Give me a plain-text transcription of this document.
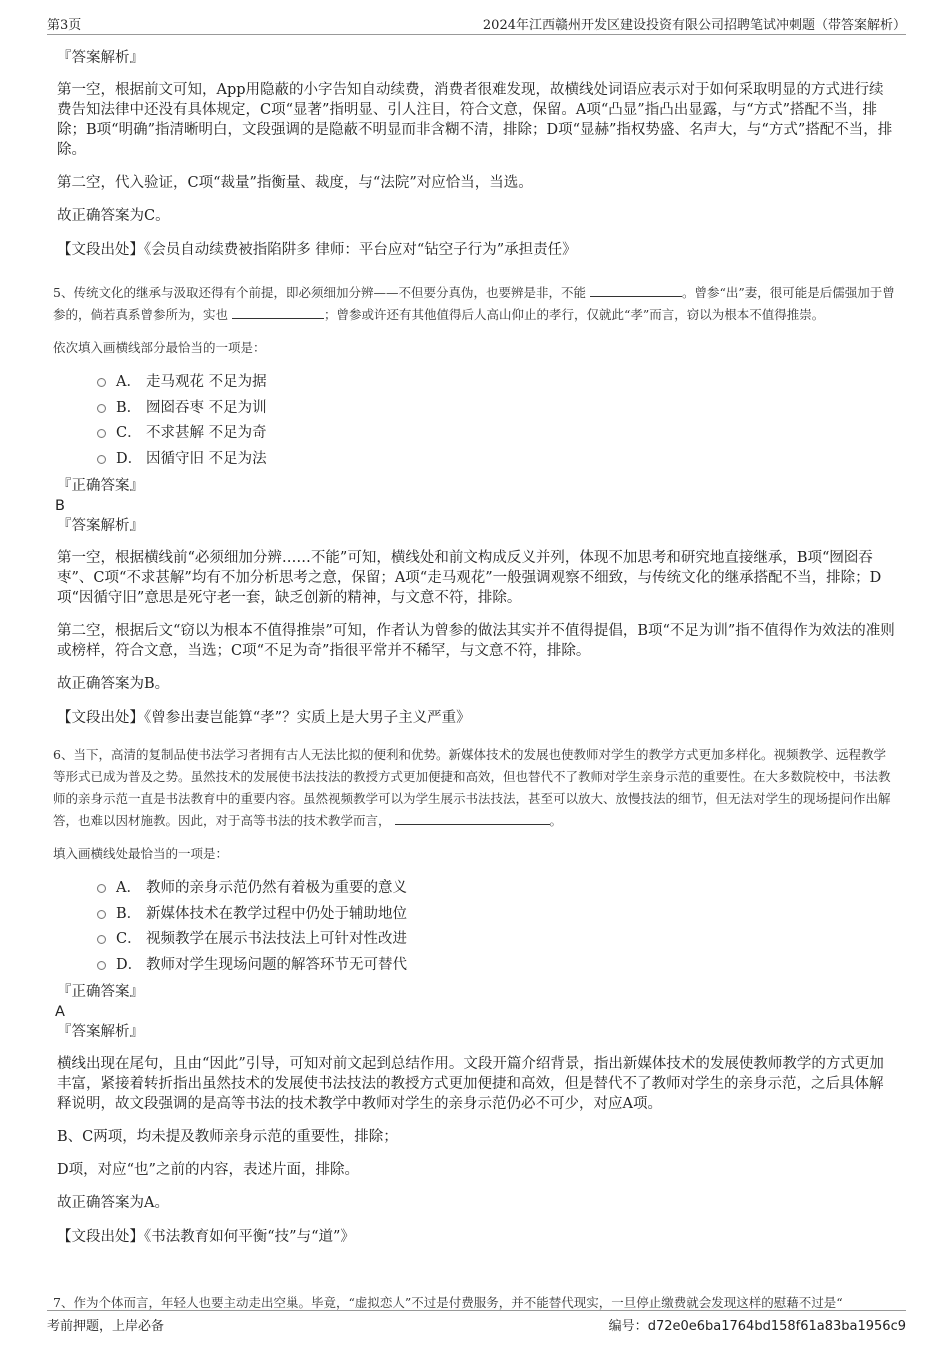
第3页	2024年江西赣州开发区建设投资有限公司招聘笔试冲刺题（带答案解析）

『答案解析』

第一空，根据前文可知，App用隐蔽的小字告知自动续费，消费者很难发现，故横线处词语应表示对于如何采取明显的方式进行续费告知法律中还没有具体规定，C项“显著”指明显、引人注目，符合文意，保留。A项“凸显”指凸出显露，与“方式”搭配不当，排除；B项“明确”指清晰明白，文段强调的是隐蔽不明显而非含糊不清，排除；D项“显赫”指权势盛、名声大，与“方式”搭配不当，排除。

第二空，代入验证，C项“裁量”指衡量、裁度，与“法院”对应恰当，当选。

故正确答案为C。

【文段出处】《会员自动续费被指陷阱多 律师：平台应对“钻空子行为”承担责任》

5、传统文化的继承与汲取还得有个前提，即必须细加分辨——不但要分真伪，也要辨是非，不能	。曾参“出”妻，很可能是后儒强加于曾参的，倘若真系曾参所为，实也	；曾参或许还有其他值得后人高山仰止的孝行，仅就此“孝”而言，窃以为根本不值得推崇。

依次填入画横线部分最恰当的一项是：

A． 走马观花 不足为据
B． 囫囵吞枣 不足为训
C． 不求甚解 不足为奇
D． 因循守旧 不足为法

『正确答案』

B

『答案解析』

第一空，根据横线前“必须细加分辨……不能”可知，横线处和前文构成反义并列，体现不加思考和研究地直接继承，B项“囫囵吞枣”、C项“不求甚解”均有不加分析思考之意，保留；A项“走马观花”一般强调观察不细致，与传统文化的继承搭配不当，排除；D项“因循守旧”意思是死守老一套，缺乏创新的精神，与文意不符，排除。

第二空，根据后文“窃以为根本不值得推崇”可知，作者认为曾参的做法其实并不值得提倡，B项“不足为训”指不值得作为效法的准则或榜样，符合文意，当选；C项“不足为奇”指很平常并不稀罕，与文意不符，排除。

故正确答案为B。

【文段出处】《曾参出妻岂能算“孝”？实质上是大男子主义严重》

6、当下，高清的复制品使书法学习者拥有古人无法比拟的便利和优势。新媒体技术的发展也使教师对学生的教学方式更加多样化。视频教学、远程教学等形式已成为普及之势。虽然技术的发展使书法技法的教授方式更加便捷和高效，但也替代不了教师对学生亲身示范的重要性。在大多数院校中，书法教师的亲身示范一直是书法教育中的重要内容。虽然视频教学可以为学生展示书法技法，甚至可以放大、放慢技法的细节，但无法对学生的现场提问作出解答，也难以因材施教。因此，对于高等书法的技术教学而言，	。

填入画横线处最恰当的一项是：

A． 教师的亲身示范仍然有着极为重要的意义
B． 新媒体技术在教学过程中仍处于辅助地位
C． 视频教学在展示书法技法上可针对性改进
D． 教师对学生现场问题的解答环节无可替代

『正确答案』

A

『答案解析』

横线出现在尾句，且由“因此”引导，可知对前文起到总结作用。文段开篇介绍背景，指出新媒体技术的发展使教师教学的方式更加丰富，紧接着转折指出虽然技术的发展使书法技法的教授方式更加便捷和高效，但是替代不了教师对学生的亲身示范，之后具体解释说明，故文段强调的是高等书法的技术教学中教师对学生的亲身示范仍必不可少，对应A项。

B、C两项，均未提及教师亲身示范的重要性，排除；

D项，对应“也”之前的内容，表述片面，排除。

故正确答案为A。

【文段出处】《书法教育如何平衡“技”与“道”》

7、作为个体而言，年轻人也要主动走出空巢。毕竟，“虚拟恋人”不过是付费服务，并不能替代现实，一旦停止缴费就会发现这样的慰藉不过是“

考前押题，上岸必备	编号：d72e0e6ba1764bd158f61a83ba1956c9
